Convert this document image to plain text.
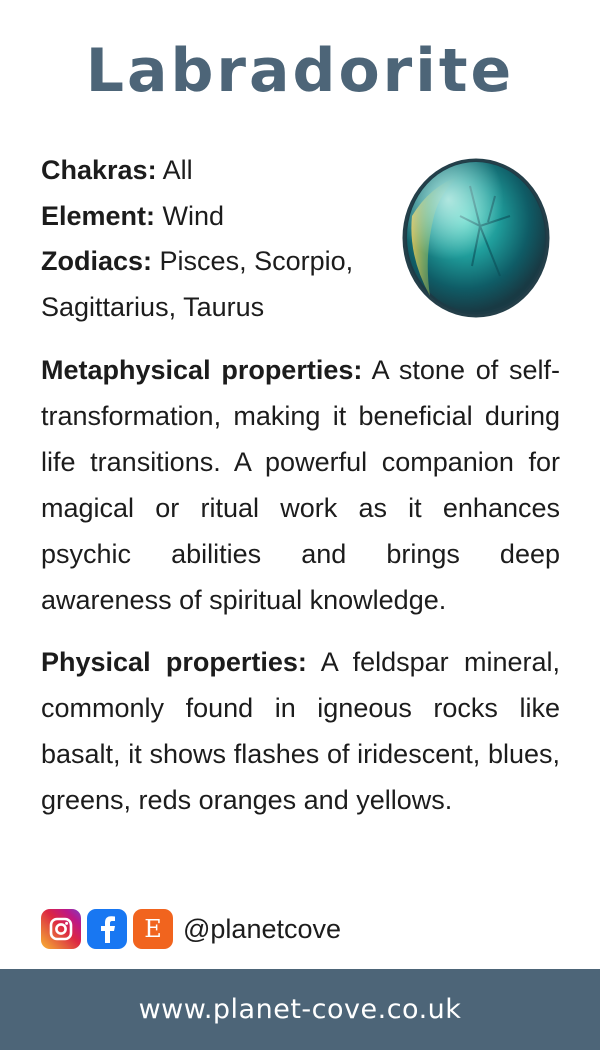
Labradorite
Chakras: All
Element: Wind
Zodiacs: Pisces, Scorpio, Sagittarius, Taurus

Metaphysical properties: A stone of self-transformation, making it beneficial during life transitions. A powerful companion for magical or ritual work as it enhances psychic abilities and brings deep awareness of spiritual knowledge.

Physical properties: A feldspar mineral, commonly found in igneous rocks like basalt, it shows flashes of iridescent, blues, greens, reds oranges and yellows.

E @planetcove
www.planet-cove.co.uk
